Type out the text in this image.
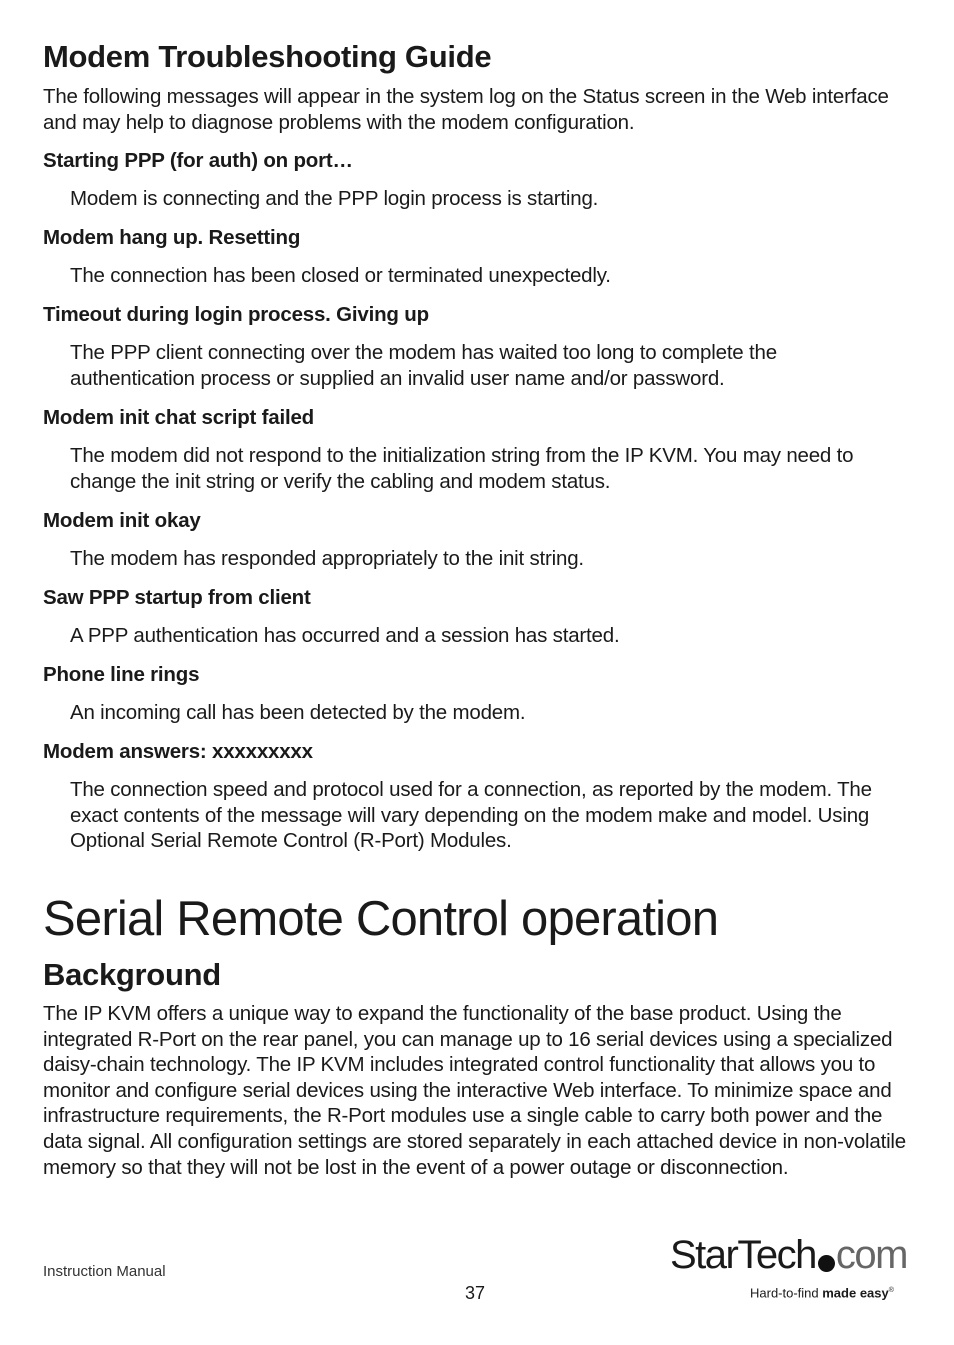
Modem Troubleshooting Guide
The following messages will appear in the system log on the Status screen in the Web interface and may help to diagnose problems with the modem configuration.
Starting PPP (for auth) on port…
Modem is connecting and the PPP login process is starting.
Modem hang up. Resetting
The connection has been closed or terminated unexpectedly.
Timeout during login process. Giving up
The PPP client connecting over the modem has waited too long to complete the authentication process or supplied an invalid user name and/or password.
Modem init chat script failed
The modem did not respond to the initialization string from the IP KVM. You may need to change the init string or verify the cabling and modem status.
Modem init okay
The modem has responded appropriately to the init string.
Saw PPP startup from client
A PPP authentication has occurred and a session has started.
Phone line rings
An incoming call has been detected by the modem.
Modem answers: xxxxxxxxx
The connection speed and protocol used for a connection, as reported by the modem. The exact contents of the message will vary depending on the modem make and model. Using Optional Serial Remote Control (R-Port) Modules.
Serial Remote Control operation
Background
The IP KVM offers a unique way to expand the functionality of the base product. Using the integrated R-Port on the rear panel, you can manage up to 16 serial devices using a specialized daisy-chain technology. The IP KVM includes integrated control functionality that allows you to monitor and configure serial devices using the interactive Web interface. To minimize space and infrastructure requirements, the R-Port modules use a single cable to carry both power and the data signal. All configuration settings are stored separately in each attached device in non-volatile memory so that they will not be lost in the event of a power outage or disconnection.
Instruction Manual
37
StarTech com
Hard-to-find made easy®
